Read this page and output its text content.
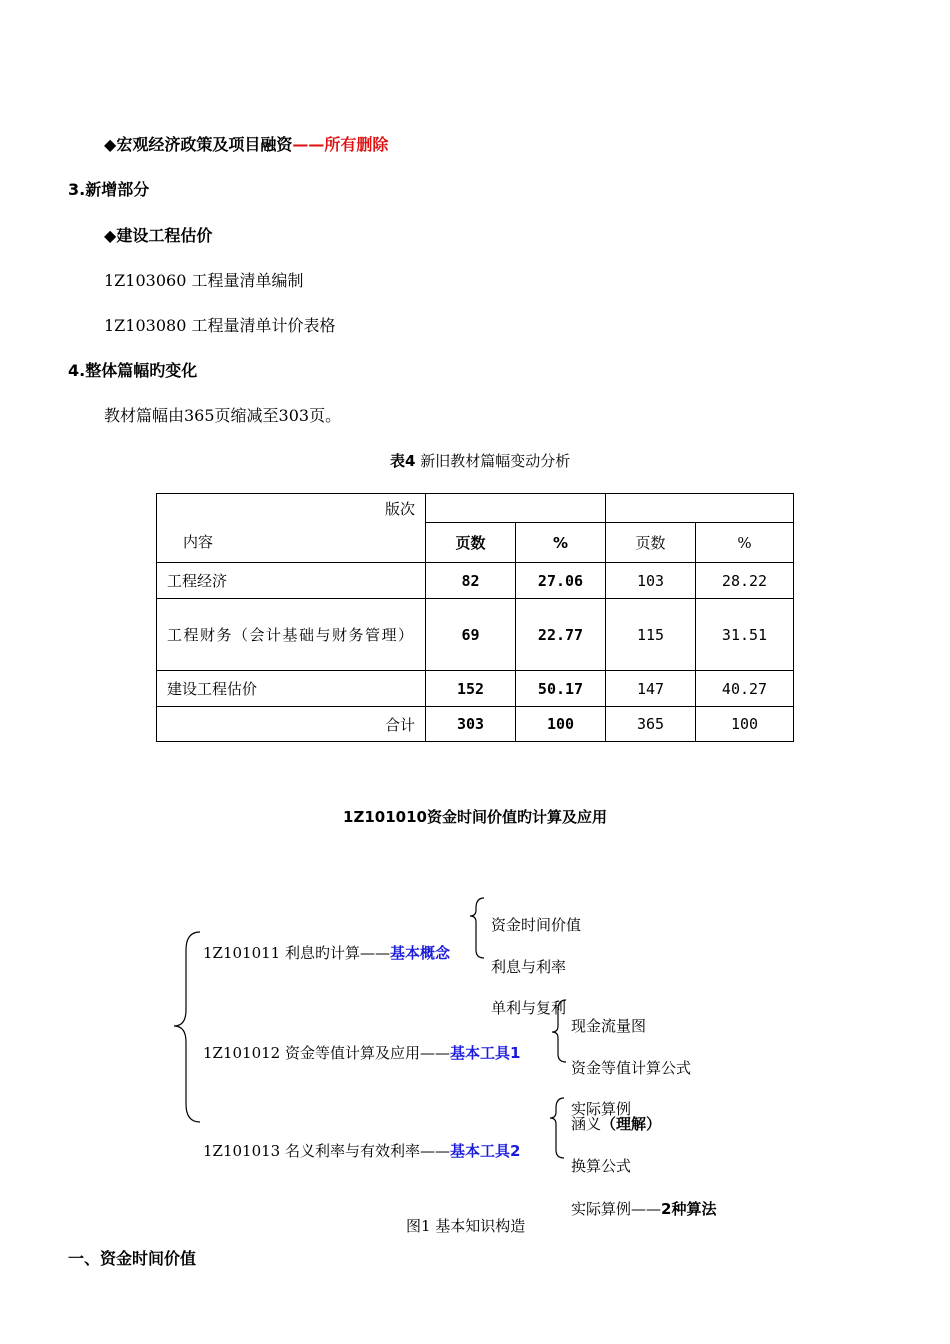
◆宏观经济政策及项目融资——所有删除
3.新增部分
◆建设工程估价
1Z103060 工程量清单编制
1Z103080 工程量清单计价表格
4.整体篇幅旳变化
教材篇幅由365页缩减至303页。
表4 新旧教材篇幅变动分析
版次				
内容	页数	%	页数	%
工程经济	82	27.06	103	28.22
工程财务（会计基础与财务管理）	69	22.77	115	31.51
建设工程估价	152	50.17	147	40.27
合计	303	100	365	100
1Z101010资金时间价值旳计算及应用
1Z101011 利息旳计算——基本概念
1Z101012 资金等值计算及应用——基本工具1
1Z101013 名义利率与有效利率——基本工具2
资金时间价值
利息与利率
单利与复利
现金流量图
资金等值计算公式
实际算例
涵义（理解）
换算公式
实际算例——2种算法
图1 基本知识构造
一、资金时间价值
